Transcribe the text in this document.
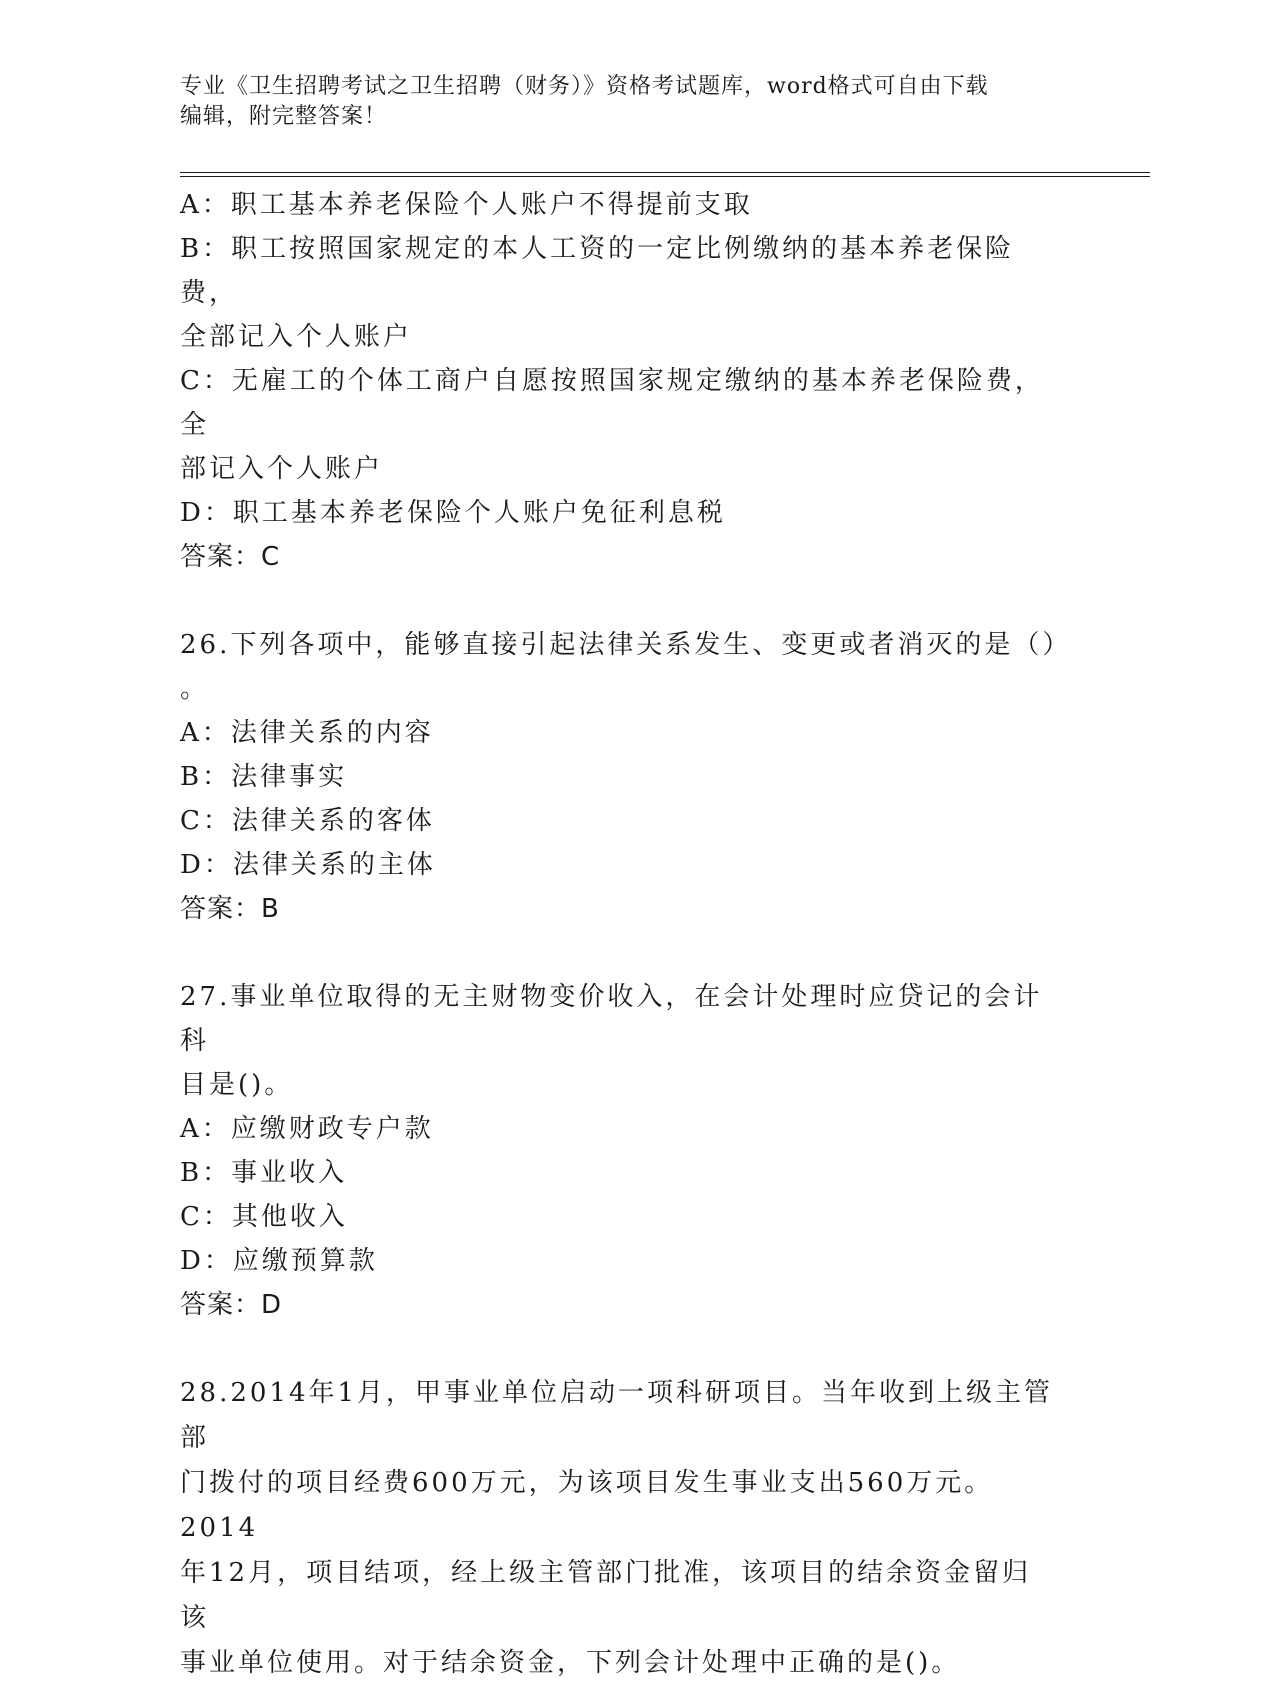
专业《卫生招聘考试之卫生招聘（财务）》资格考试题库，word格式可自由下载
编辑，附完整答案！
A：职工基本养老保险个人账户不得提前支取
B：职工按照国家规定的本人工资的一定比例缴纳的基本养老保险费，
全部记入个人账户
C：无雇工的个体工商户自愿按照国家规定缴纳的基本养老保险费，全
部记入个人账户
D：职工基本养老保险个人账户免征利息税
答案：C
26.下列各项中，能够直接引起法律关系发生、变更或者消灭的是（）
。
A：法律关系的内容
B：法律事实
C：法律关系的客体
D：法律关系的主体
答案：B
27.事业单位取得的无主财物变价收入，在会计处理时应贷记的会计科
目是()。
A：应缴财政专户款
B：事业收入
C：其他收入
D：应缴预算款
答案：D
28.2014年1月，甲事业单位启动一项科研项目。当年收到上级主管部
门拨付的项目经费600万元，为该项目发生事业支出560万元。2014
年12月，项目结项，经上级主管部门批准，该项目的结余资金留归该
事业单位使用。对于结余资金，下列会计处理中正确的是()。
